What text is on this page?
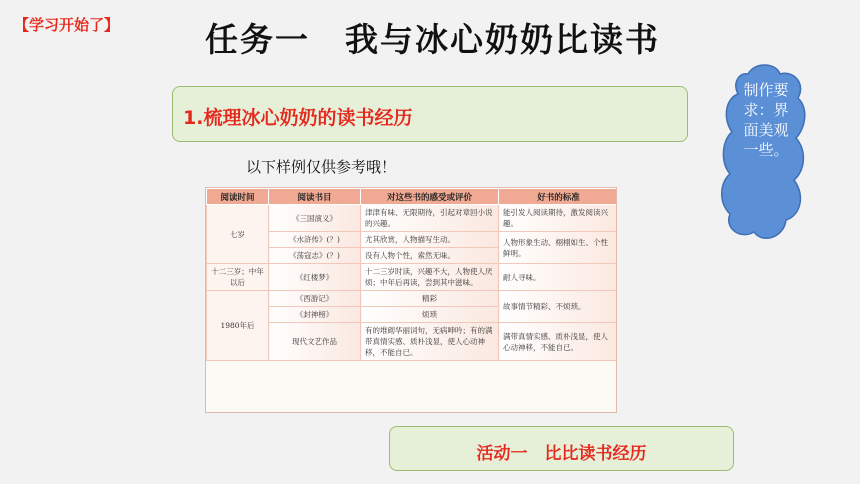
【学习开始了】	任务一　我与冰心奶奶比读书
1.梳理冰心奶奶的读书经历
制作要求：界面美观一些。
以下样例仅供参考哦！
阅读时间	阅读书目	对这些书的感受或评价	好书的标准
七岁	《三国演义》	津津有味、无限期待，引起对章回小说的兴趣。	能引发人阅读期待，激发阅读兴趣。
	《水浒传》(？)	尤其欣赏，人物描写生动。	人物形象生动、栩栩如生、个性鲜明。
	《荡寇志》(？)	没有人物个性，索然无味。	
十二三岁；中年以后	《红楼梦》	十二三岁时读，兴趣不大，人物使人厌烦；中年后再读，尝到其中滋味。	耐人寻味。
1980年后	《西游记》	精彩	故事情节精彩、不烦琐。
	《封神榜》	烦琐	
	现代文艺作品	有的堆砌华丽词句，无病呻吟；有的满带真情实感、质朴浅显，使人心动神移，不能自已。	满带真情实感、质朴浅显，使人心动神移，不能自已。
活动一　比比读书经历
